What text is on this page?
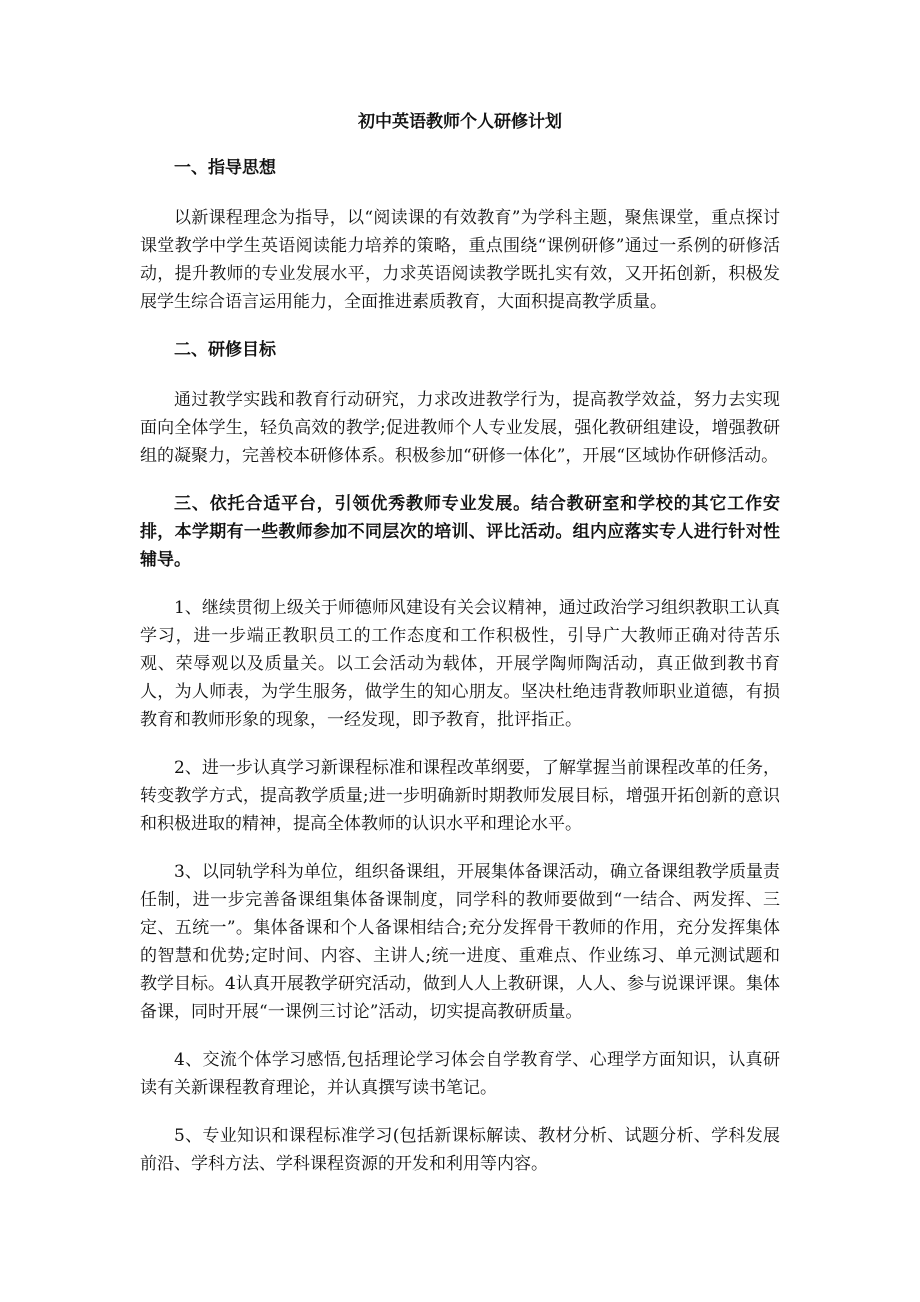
初中英语教师个人研修计划
一、指导思想
以新课程理念为指导，以“阅读课的有效教育”为学科主题，聚焦课堂，重点探讨课堂教学中学生英语阅读能力培养的策略，重点围绕“课例研修”通过一系例的研修活动，提升教师的专业发展水平，力求英语阅读教学既扎实有效，又开拓创新，积极发展学生综合语言运用能力，全面推进素质教育，大面积提高教学质量。
二、研修目标
通过教学实践和教育行动研究，力求改进教学行为，提高教学效益，努力去实现面向全体学生，轻负高效的教学;促进教师个人专业发展，强化教研组建设，增强教研组的凝聚力，完善校本研修体系。积极参加“研修一体化”，开展“区域协作研修活动。
三、依托合适平台，引领优秀教师专业发展。结合教研室和学校的其它工作安排，本学期有一些教师参加不同层次的培训、评比活动。组内应落实专人进行针对性辅导。
1、继续贯彻上级关于师德师风建设有关会议精神，通过政治学习组织教职工认真学习，进一步端正教职员工的工作态度和工作积极性，引导广大教师正确对待苦乐观、荣辱观以及质量关。以工会活动为载体，开展学陶师陶活动，真正做到教书育人，为人师表，为学生服务，做学生的知心朋友。坚决杜绝违背教师职业道德，有损教育和教师形象的现象，一经发现，即予教育，批评指正。
2、进一步认真学习新课程标准和课程改革纲要，了解掌握当前课程改革的任务，转变教学方式，提高教学质量;进一步明确新时期教师发展目标，增强开拓创新的意识和积极进取的精神，提高全体教师的认识水平和理论水平。
3、以同轨学科为单位，组织备课组，开展集体备课活动，确立备课组教学质量责任制，进一步完善备课组集体备课制度，同学科的教师要做到“一结合、两发挥、三定、五统一”。集体备课和个人备课相结合;充分发挥骨干教师的作用，充分发挥集体的智慧和优势;定时间、内容、主讲人;统一进度、重难点、作业练习、单元测试题和教学目标。4认真开展教学研究活动，做到人人上教研课，人人、参与说课评课。集体备课，同时开展“一课例三讨论”活动，切实提高教研质量。
4、交流个体学习感悟,包括理论学习体会自学教育学、心理学方面知识，认真研读有关新课程教育理论，并认真撰写读书笔记。
5、专业知识和课程标准学习(包括新课标解读、教材分析、试题分析、学科发展前沿、学科方法、学科课程资源的开发和利用等内容。
